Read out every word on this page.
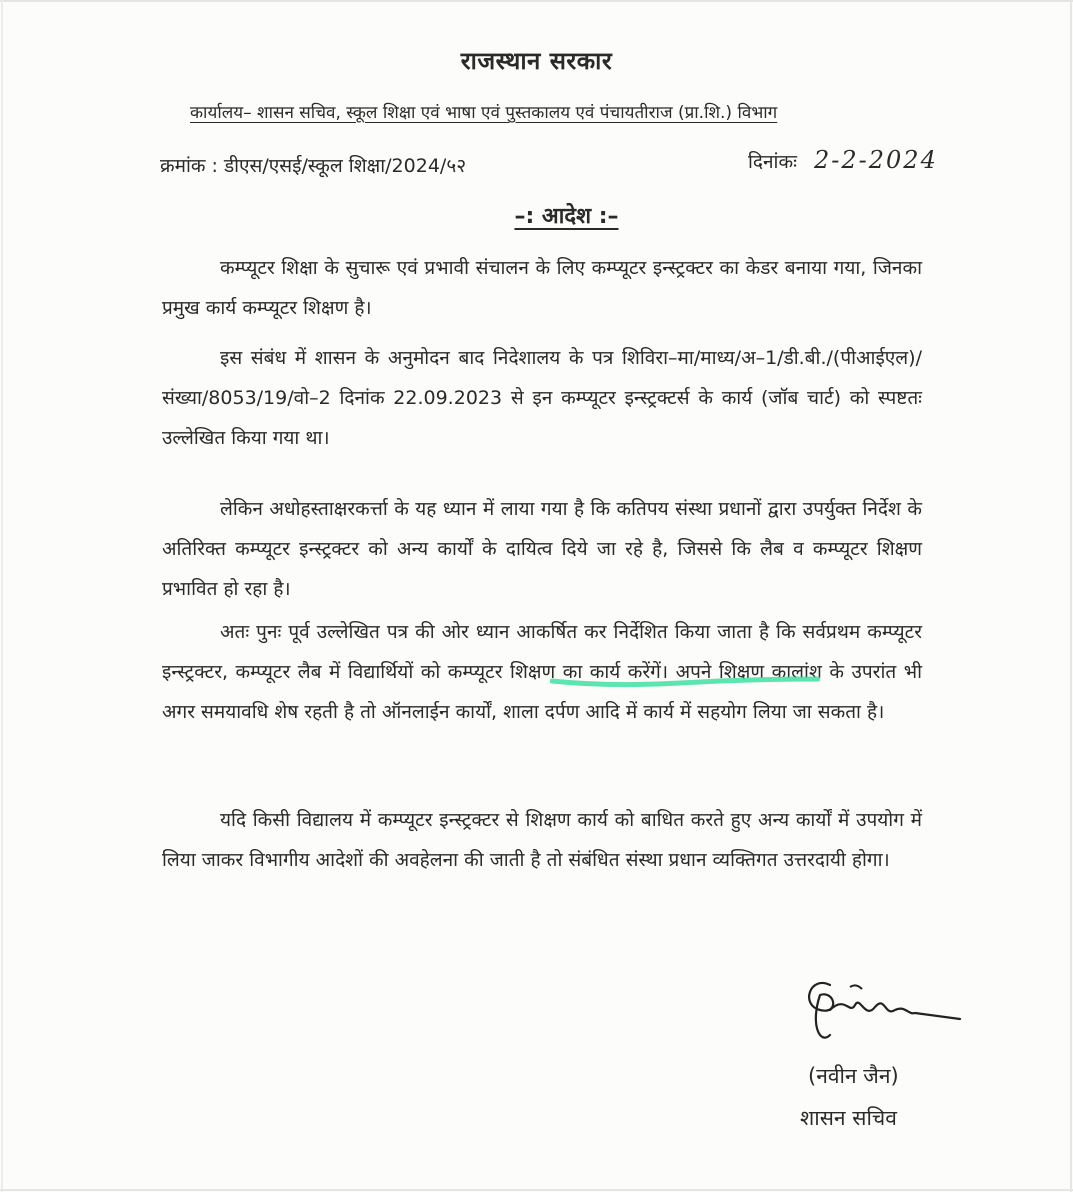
राजस्थान सरकार
कार्यालय– शासन सचिव, स्कूल शिक्षा एवं भाषा एवं पुस्तकालय एवं पंचायतीराज (प्रा.शि.) विभाग
क्रमांक : डीएस/एसई/स्कूल शिक्षा/2024/५२	दिनांकः 2-2-2024
–: आदेश :–
कम्प्यूटर शिक्षा के सुचारू एवं प्रभावी संचालन के लिए कम्प्यूटर इन्स्ट्रक्टर का केडर बनाया गया, जिनका प्रमुख कार्य कम्प्यूटर शिक्षण है।
इस संबंध में शासन के अनुमोदन बाद निदेशालय के पत्र शिविरा–मा/माध्य/अ–1/डी.बी./(पीआईएल)/संख्या/8053/19/वो–2 दिनांक 22.09.2023 से इन कम्प्यूटर इन्स्ट्रक्टर्स के कार्य (जॉब चार्ट) को स्पष्टतः उल्लेखित किया गया था।
लेकिन अधोहस्ताक्षरकर्त्ता के यह ध्यान में लाया गया है कि कतिपय संस्था प्रधानों द्वारा उपर्युक्त निर्देश के अतिरिक्त कम्प्यूटर इन्स्ट्रक्टर को अन्य कार्यों के दायित्व दिये जा रहे है, जिससे कि लैब व कम्प्यूटर शिक्षण प्रभावित हो रहा है।
अतः पुनः पूर्व उल्लेखित पत्र की ओर ध्यान आकर्षित कर निर्देशित किया जाता है कि सर्वप्रथम कम्प्यूटर इन्स्ट्रक्टर, कम्प्यूटर लैब में विद्यार्थियों को कम्प्यूटर शिक्षण का कार्य करेंगें। अपने शिक्षण कालांश के उपरांत भी अगर समयावधि शेष रहती है तो ऑनलाईन कार्यों, शाला दर्पण आदि में कार्य में सहयोग लिया जा सकता है।
यदि किसी विद्यालय में कम्प्यूटर इन्स्ट्रक्टर से शिक्षण कार्य को बाधित करते हुए अन्य कार्यों में उपयोग में लिया जाकर विभागीय आदेशों की अवहेलना की जाती है तो संबंधित संस्था प्रधान व्यक्तिगत उत्तरदायी होगा।
(नवीन जैन)
शासन सचिव
